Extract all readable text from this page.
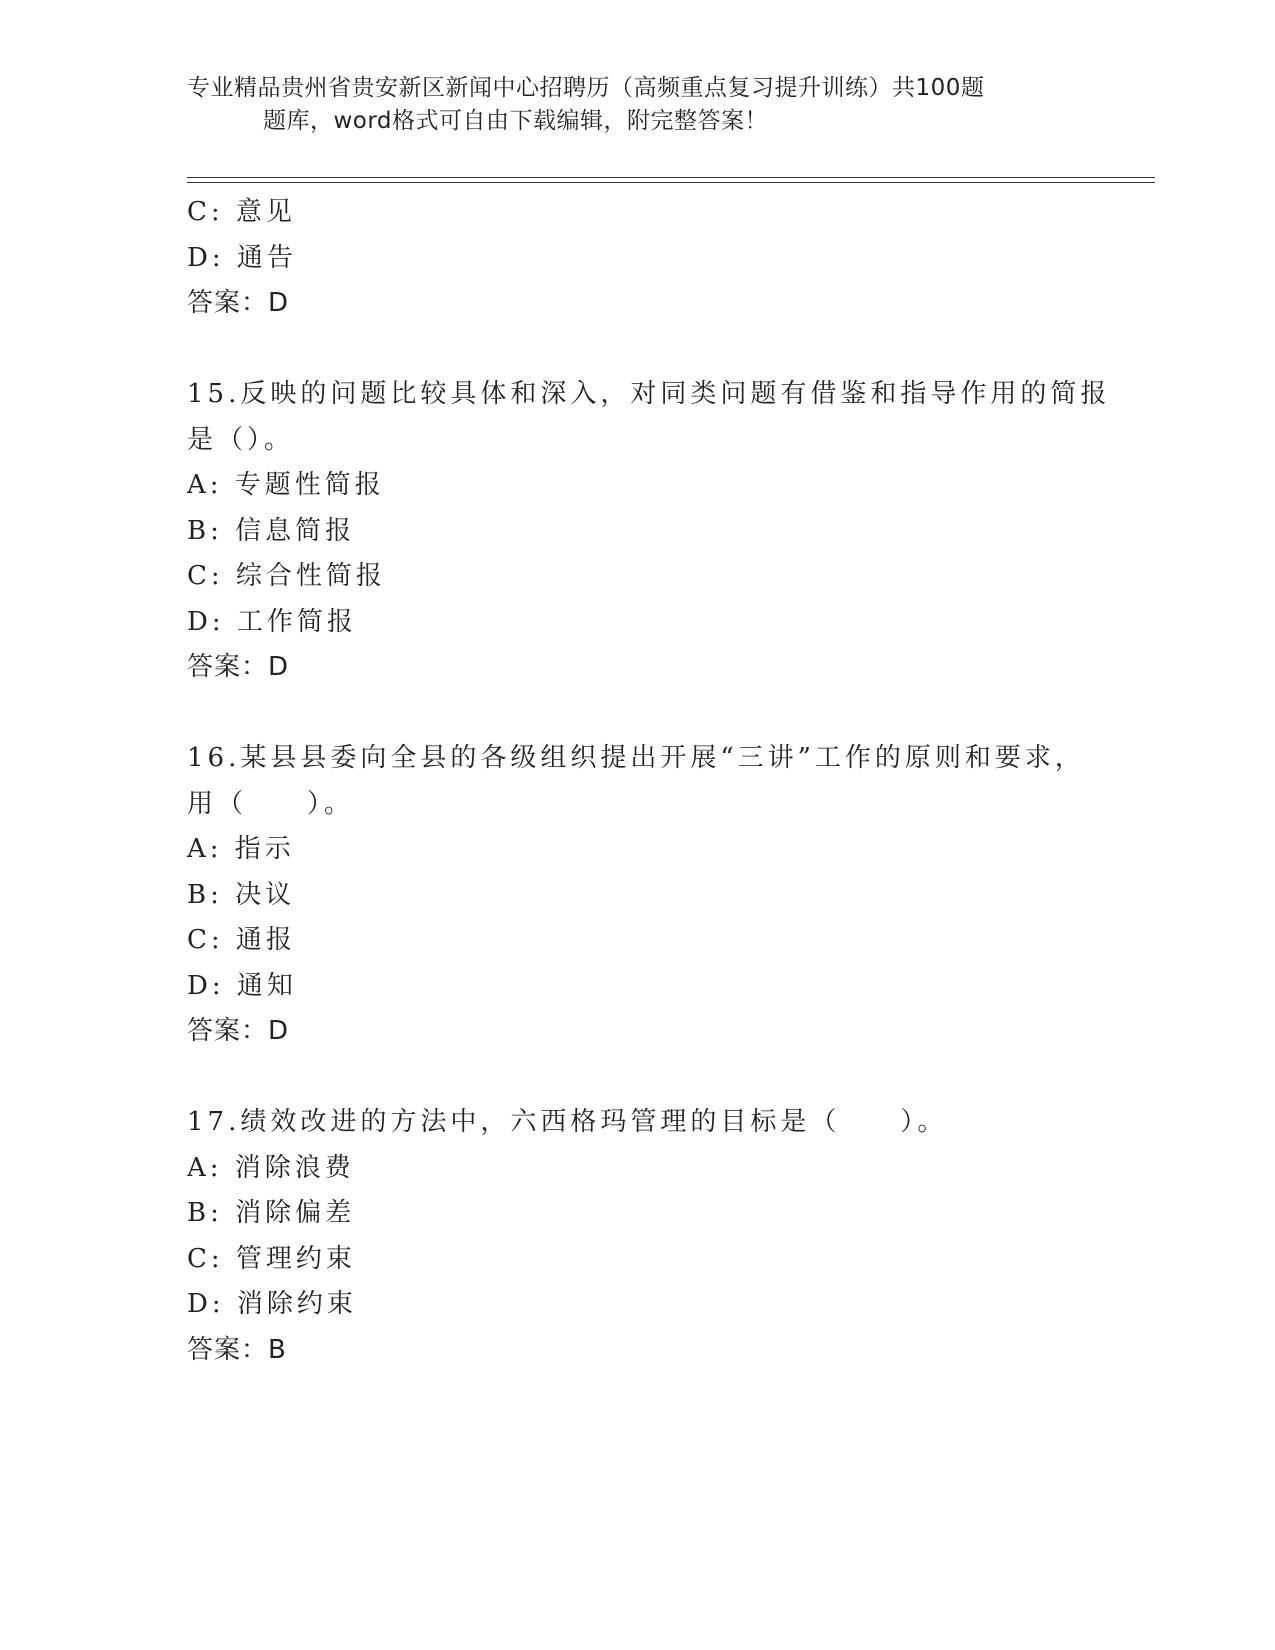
专业精品贵州省贵安新区新闻中心招聘历（高频重点复习提升训练）共100题
题库，word格式可自由下载编辑，附完整答案！
C: 意见
D: 通告
答案：D
15.反映的问题比较具体和深入，对同类问题有借鉴和指导作用的简报
是（）。
A: 专题性简报
B: 信息简报
C: 综合性简报
D: 工作简报
答案：D
16.某县县委向全县的各级组织提出开展“三讲”工作的原则和要求，
用（　　）。
A: 指示
B: 决议
C: 通报
D: 通知
答案：D
17.绩效改进的方法中，六西格玛管理的目标是（　　）。
A: 消除浪费
B: 消除偏差
C: 管理约束
D: 消除约束
答案：B
